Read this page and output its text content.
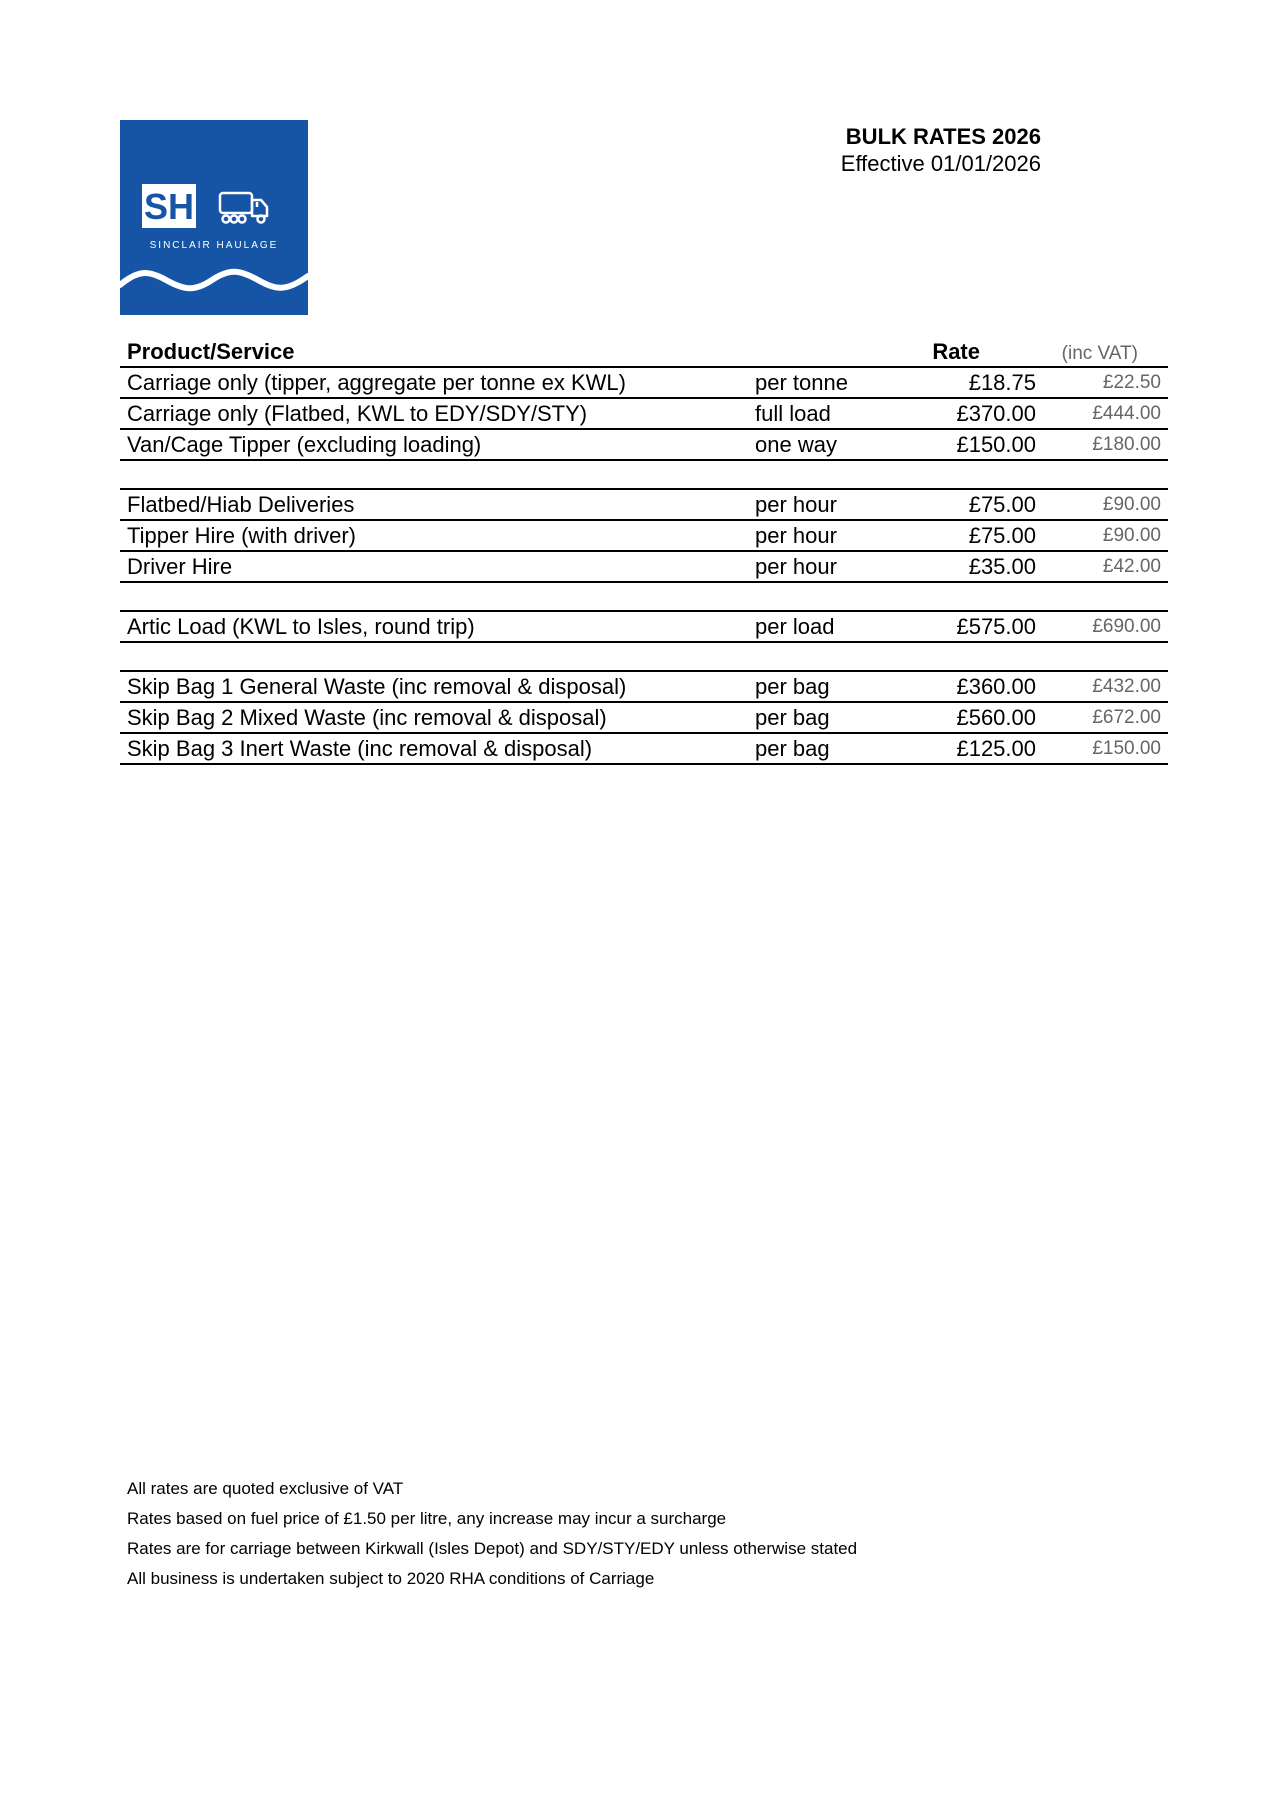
SH
SINCLAIR HAULAGE
BULK RATES 2026
Effective 01/01/2026
Product/Service		Rate	(inc VAT)
Carriage only (tipper, aggregate per tonne ex KWL)	per tonne	£18.75	£22.50
Carriage only (Flatbed, KWL to EDY/SDY/STY)	full load	£370.00	£444.00
Van/Cage Tipper (excluding loading)	one way	£150.00	£180.00

Flatbed/Hiab Deliveries	per hour	£75.00	£90.00
Tipper Hire (with driver)	per hour	£75.00	£90.00
Driver Hire	per hour	£35.00	£42.00

Artic Load (KWL to Isles, round trip)	per load	£575.00	£690.00

Skip Bag 1 General Waste (inc removal & disposal)	per bag	£360.00	£432.00
Skip Bag 2 Mixed Waste (inc removal & disposal)	per bag	£560.00	£672.00
Skip Bag 3 Inert Waste (inc removal & disposal)	per bag	£125.00	£150.00
All rates are quoted exclusive of VAT
Rates based on fuel price of £1.50 per litre, any increase may incur a surcharge
Rates are for carriage between Kirkwall (Isles Depot) and SDY/STY/EDY unless otherwise stated
All business is undertaken subject to 2020 RHA conditions of Carriage
